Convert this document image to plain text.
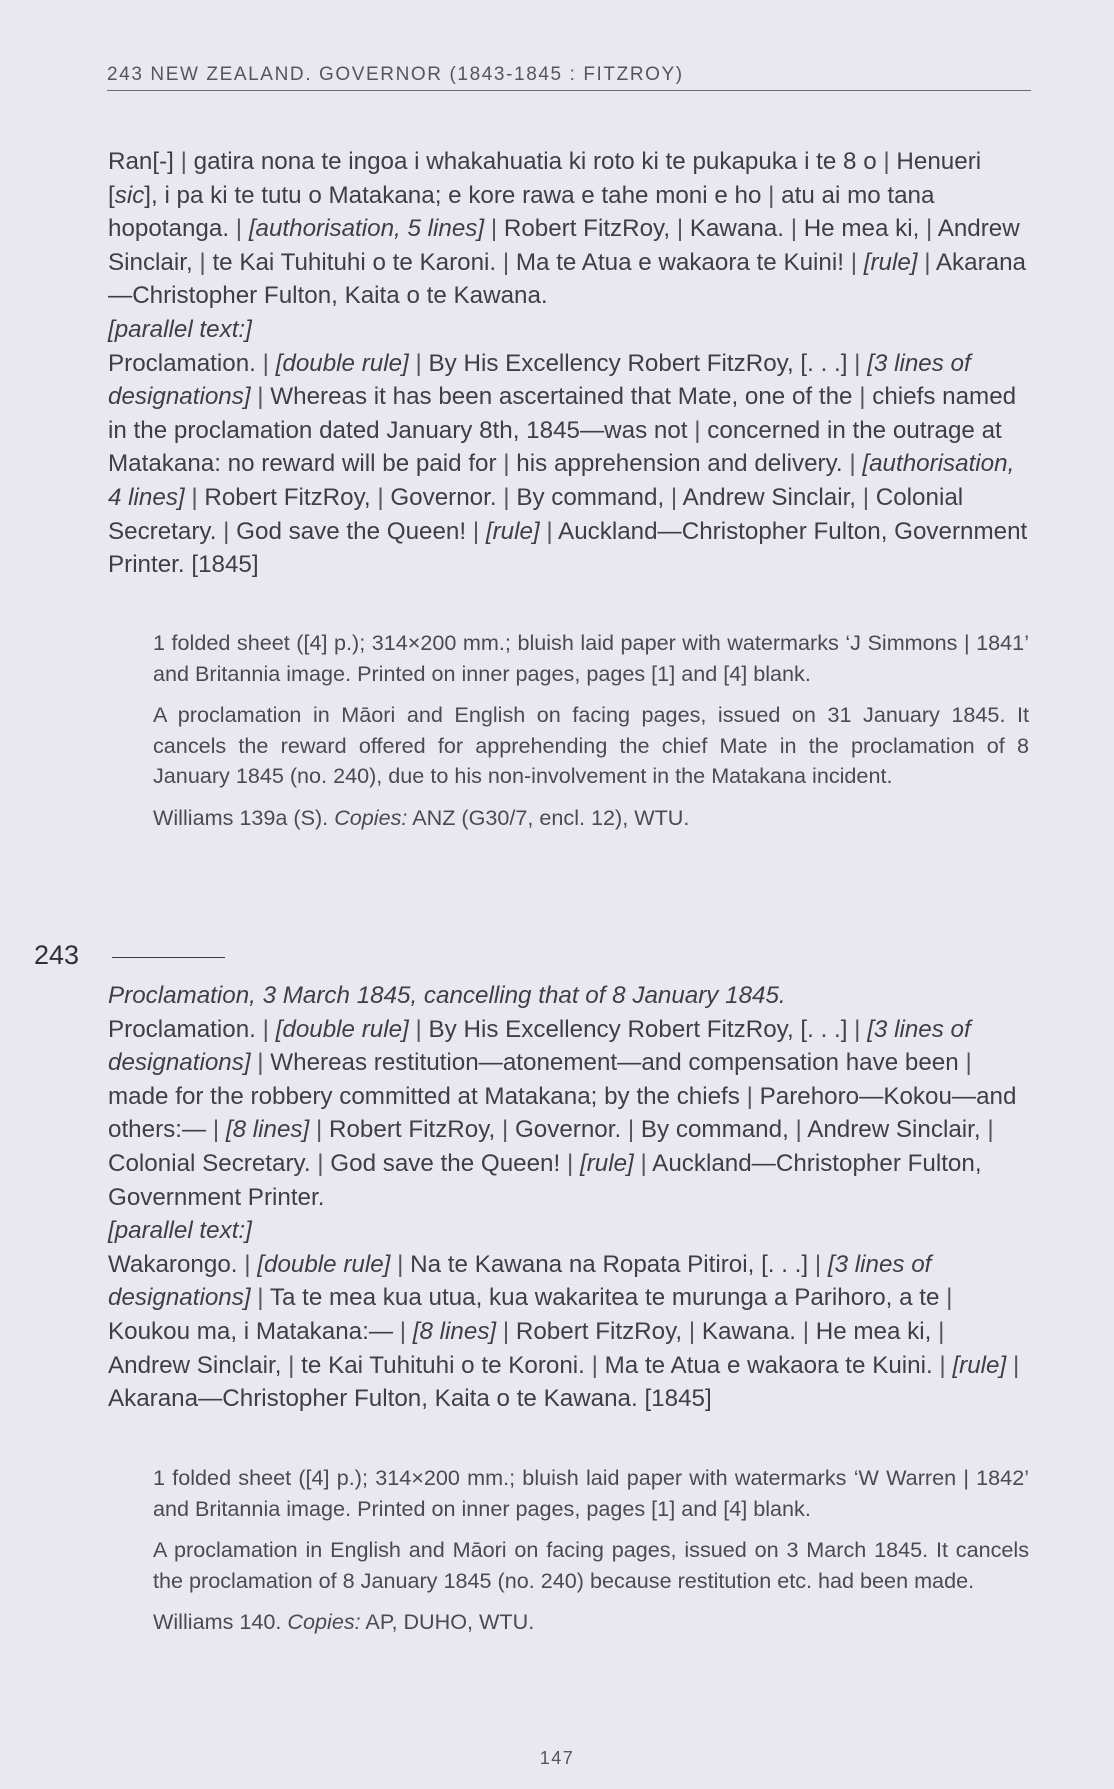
243 NEW ZEALAND. GOVERNOR (1843-1845 : FITZROY)
Ran[-] | gatira nona te ingoa i whakahuatia ki roto ki te pukapuka i te 8 o | Henueri [sic], i pa ki te tutu o Matakana; e kore rawa e tahe moni e ho | atu ai mo tana hopotanga. | [authorisation, 5 lines] | Robert FitzRoy, | Kawana. | He mea ki, | Andrew Sinclair, | te Kai Tuhituhi o te Karoni. | Ma te Atua e wakaora te Kuini! | [rule] | Akarana—Christopher Fulton, Kaita o te Kawana.
[parallel text:]
Proclamation. | [double rule] | By His Excellency Robert FitzRoy, [. . .] | [3 lines of designations] | Whereas it has been ascertained that Mate, one of the | chiefs named in the proclamation dated January 8th, 1845—was not | concerned in the outrage at Matakana: no reward will be paid for | his apprehension and delivery. | [authorisation, 4 lines] | Robert FitzRoy, | Governor. | By command, | Andrew Sinclair, | Colonial Secretary. | God save the Queen! | [rule] | Auckland—Christopher Fulton, Government Printer. [1845]

1 folded sheet ([4] p.); 314×200 mm.; bluish laid paper with watermarks ‘J Simmons | 1841’ and Britannia image. Printed on inner pages, pages [1] and [4] blank.

A proclamation in Māori and English on facing pages, issued on 31 January 1845. It cancels the reward offered for apprehending the chief Mate in the proclamation of 8 January 1845 (no. 240), due to his non-involvement in the Matakana incident.

Williams 139a (S). Copies: ANZ (G30/7, encl. 12), WTU.

243
Proclamation, 3 March 1845, cancelling that of 8 January 1845.
Proclamation. | [double rule] | By His Excellency Robert FitzRoy, [. . .] | [3 lines of designations] | Whereas restitution—atonement—and compensation have been | made for the robbery committed at Matakana; by the chiefs | Parehoro—Kokou—and others:— | [8 lines] | Robert FitzRoy, | Governor. | By command, | Andrew Sinclair, | Colonial Secretary. | God save the Queen! | [rule] | Auckland—Christopher Fulton, Government Printer.
[parallel text:]
Wakarongo. | [double rule] | Na te Kawana na Ropata Pitiroi, [. . .] | [3 lines of designations] | Ta te mea kua utua, kua wakaritea te murunga a Parihoro, a te | Koukou ma, i Matakana:— | [8 lines] | Robert FitzRoy, | Kawana. | He mea ki, | Andrew Sinclair, | te Kai Tuhituhi o te Koroni. | Ma te Atua e wakaora te Kuini. | [rule] | Akarana—Christopher Fulton, Kaita o te Kawana. [1845]

1 folded sheet ([4] p.); 314×200 mm.; bluish laid paper with watermarks ‘W Warren | 1842’ and Britannia image. Printed on inner pages, pages [1] and [4] blank.

A proclamation in English and Māori on facing pages, issued on 3 March 1845. It cancels the proclamation of 8 January 1845 (no. 240) because restitution etc. had been made.

Williams 140. Copies: AP, DUHO, WTU.

147
